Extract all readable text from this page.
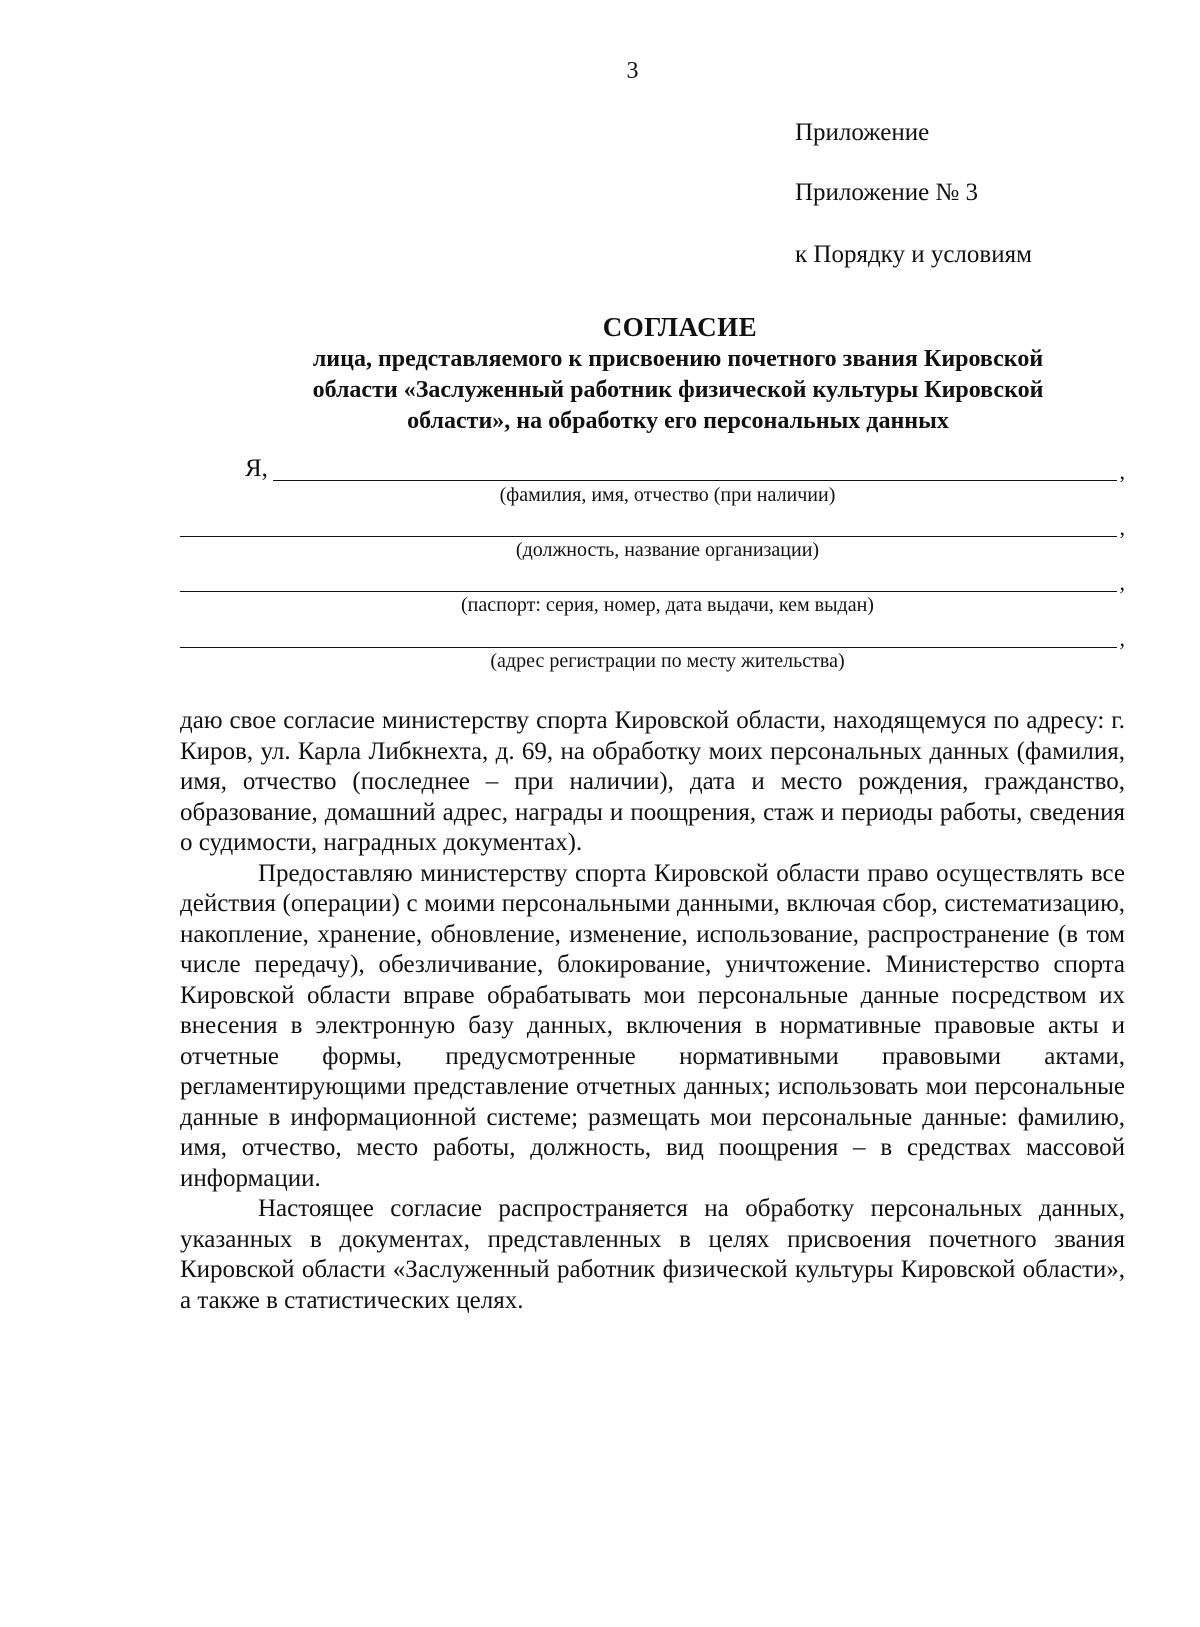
3
Приложение
Приложение № 3
к Порядку и условиям
СОГЛАСИЕ
лица, представляемого к присвоению почетного звания Кировской
области «Заслуженный работник физической культуры Кировской
области», на обработку его персональных данных
Я,	,
(фамилия, имя, отчество (при наличии)
,
(должность, название организации)
,
(паспорт: серия, номер, дата выдачи, кем выдан)
,
(адрес регистрации по месту жительства)

даю свое согласие министерству спорта Кировской области, находящемуся по адресу: г. Киров, ул. Карла Либкнехта, д. 69, на обработку моих персональных данных (фамилия, имя, отчество (последнее – при наличии), дата и место рождения, гражданство, образование, домашний адрес, награды и поощрения, стаж и периоды работы, сведения о судимости, наградных документах).

Предоставляю министерству спорта Кировской области право осуществлять все действия (операции) с моими персональными данными, включая сбор, систематизацию, накопление, хранение, обновление, изменение, использование, распространение (в том числе передачу), обезличивание, блокирование, уничтожение. Министерство спорта Кировской области вправе обрабатывать мои персональные данные посредством их внесения в электронную базу данных, включения в нормативные правовые акты и отчетные формы, предусмотренные нормативными правовыми актами, регламентирующими представление отчетных данных; использовать мои персональные данные в информационной системе; размещать мои персональные данные: фамилию, имя, отчество, место работы, должность, вид поощрения – в средствах массовой информации.

Настоящее согласие распространяется на обработку персональных данных, указанных в документах, представленных в целях присвоения почетного звания Кировской области «Заслуженный работник физической культуры Кировской области», а также в статистических целях.
